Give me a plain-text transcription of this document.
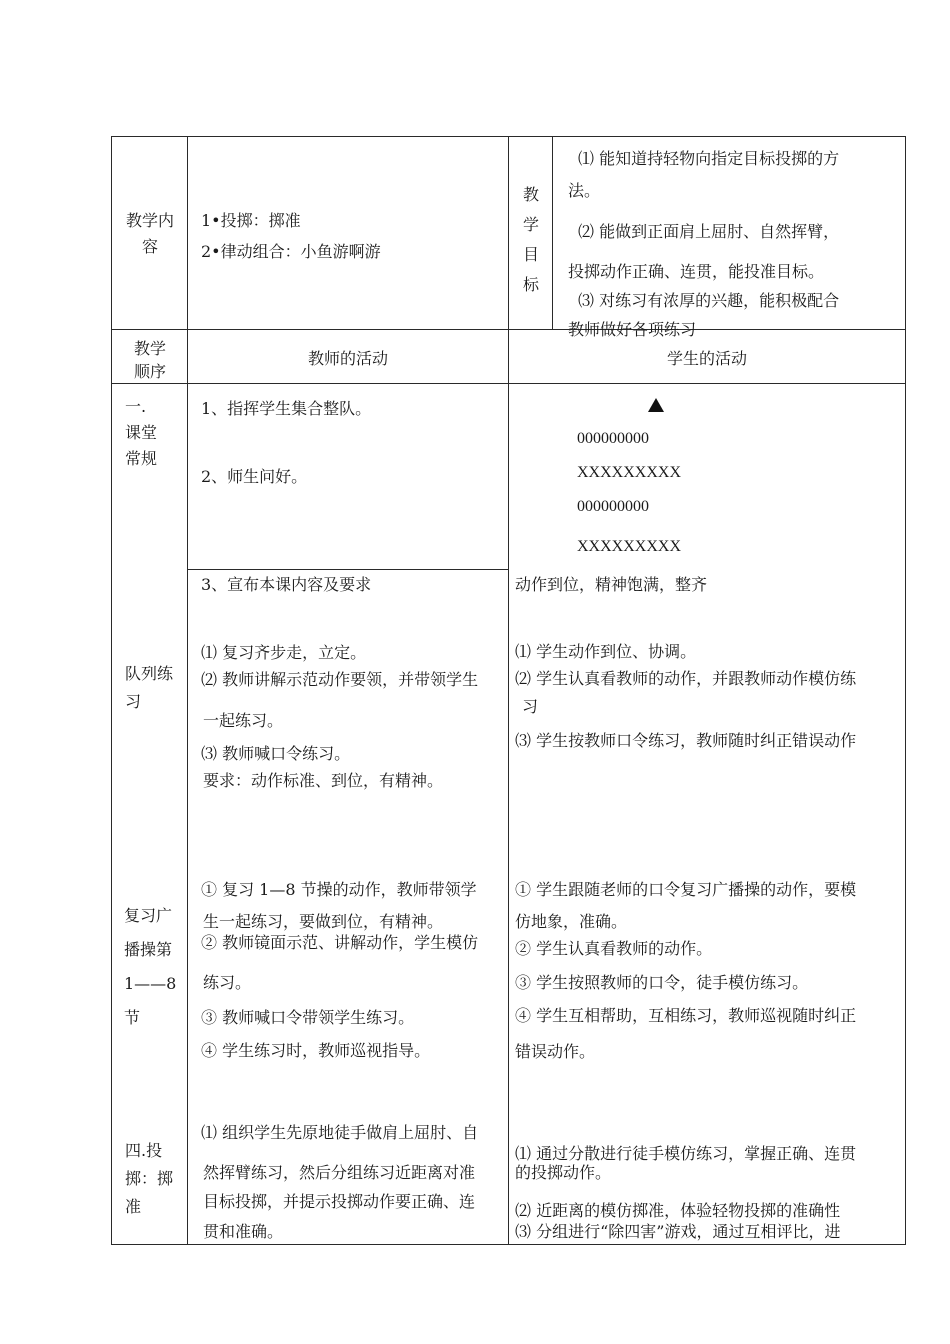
教学内容
1•投掷：掷准
2•律动组合：小鱼游啊游
教学目标
⑴ 能知道持轻物向指定目标投掷的方
法。
⑵ 能做到正面肩上屈肘、自然挥臂，
投掷动作正确、连贯，能投准目标。
⑶ 对练习有浓厚的兴趣，能积极配合
教师做好各项练习
教学顺序
教师的活动	学生的活动
一.课堂常规
1、指挥学生集合整队。
2、师生问好。
000000000
XXXXXXXXX
000000000
XXXXXXXXX
队列练习
3、宣布本课内容及要求
⑴ 复习齐步走，立定。
⑵ 教师讲解示范动作要领，并带领学生
一起练习。
⑶ 教师喊口令练习。
要求：动作标准、到位，有精神。
动作到位，精神饱满，整齐
⑴ 学生动作到位、协调。
⑵ 学生认真看教师的动作，并跟教师动作模仿练
习
⑶ 学生按教师口令练习，教师随时纠正错误动作
复习广播操第1——8节
① 复习 1—8 节操的动作，教师带领学
生一起练习，要做到位，有精神。
② 教师镜面示范、讲解动作，学生模仿
练习。
③ 教师喊口令带领学生练习。
④ 学生练习时，教师巡视指导。
① 学生跟随老师的口令复习广播操的动作，要模
仿地象，准确。
② 学生认真看教师的动作。
③ 学生按照教师的口令，徒手模仿练习。
④ 学生互相帮助，互相练习，教师巡视随时纠正
错误动作。
四.投掷：掷准
⑴ 组织学生先原地徒手做肩上屈肘、自
然挥臂练习，然后分组练习近距离对准
目标投掷，并提示投掷动作要正确、连
贯和准确。
⑴ 通过分散进行徒手模仿练习，掌握正确、连贯
的投掷动作。
⑵ 近距离的模仿掷准，体验轻物投掷的准确性
⑶ 分组进行“除四害”游戏，通过互相评比，进
